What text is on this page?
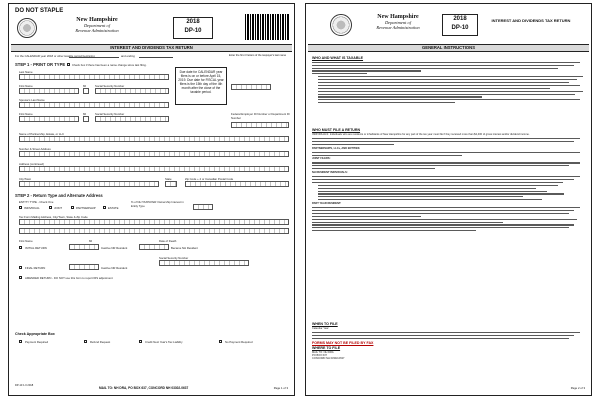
DO NOT STAPLE
New Hampshire
Department of
Revenue Administration
2018
DP-10
INTEREST AND DIVIDENDS TAX RETURN
For the CALENDAR year 2018 or other taxable period beginning	and ending
STEP 1 - PRINT OR TYPE Check box if there has been a name change since last filing.
Last Name
First Name	MI	Social Security Number
Spouse's Last Name
First Name	MI	Social Security Number
Due date for CALENDAR year filers is on or before April 15, 2019. Due date for FISCAL year filers is the 15th day of the 4th month after the close of the taxable period.
Enter the first 3 letters of the taxpayer's last name
Federal Employer ID Number or Department ID Number
Name of Partnership, Estate, or LLC
Number & Street Address
Address (continued)
City/Town	State	Zip Code + 4 or Canadian Postal Code
STEP 2 - Return Type and Alternate Address
ENTITY TYPE - Check One
INDIVIDUAL	JOINT	PARTNERSHIP	ESTATE
% of NH TAXPAYER Ownership Interest in Entity Type
Tax Form Mailing Address, City/Town, State & Zip Code
First Name	MI	Date of Death
INITIAL RETURN	Inactive NR Resident	Became NH Resident
Social Security Number
FINAL RETURN	Inactive NR Resident
AMENDED RETURN - DO NOT use this form to report IRS adjustment
Check Appropriate Box
Payment Required	Refund Request	Credit Next Year's Tax Liability	No Payment Required
DP-10 1.0 2018
MAIL TO: NH DRA, PO BOX 637, CONCORD NH 03302-0637	Page 1 of 3
New Hampshire
Department of
Revenue Administration
2018
DP-10
INTEREST AND DIVIDENDS TAX RETURN
GENERAL INSTRUCTIONS
WHO AND WHAT IS TAXABLE
WHO MUST FILE A RETURN

INDIVIDUALS: Individuals who are residents or inhabitants of New Hampshire for any part of the tax year must file if they received more than $2,400 of gross interest and/or dividend income.

PARTNERSHIPS, LLCs, AND ENTITIES:

JOINT FILERS:

NH RESIDENT INDIVIDUALS:

PART YEAR RESIDENT:

WHEN TO FILE

Calendar Year:

FORMS MAY NOT BE FILED BY FAX
WHERE TO FILE

MAIL TO: NH DRA

PO BOX 637

CONCORD NH 03302-0637

Page 2 of 3
